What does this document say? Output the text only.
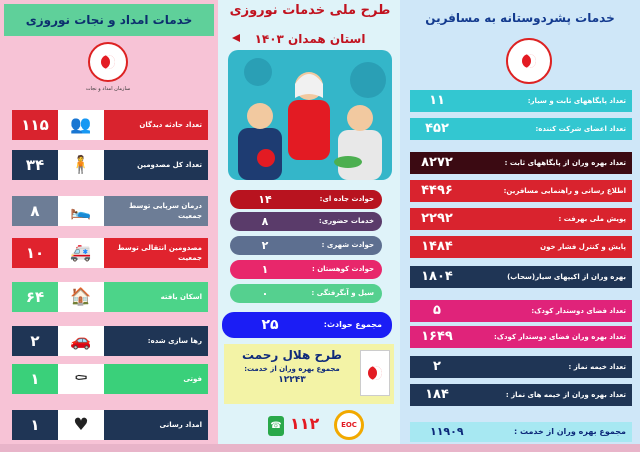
خدمات امداد و نجات نوروزی
سازمان امداد و نجات
۱۱۵	👥	تعداد حادثه دیدگان
۳۴	🧍	تعداد کل مصدومین
۸	🛌	درمان سرپایی توسط جمعیت
۱۰	🚑	مصدومین انتقالی توسط جمعیت
۶۴	🏠	اسکان یافته
۲	🚗	رها سازی شده:
۱	⚰	فوتی
۱	♥	امداد رسانی
طرح ملی خدمات نوروزی
استان همدان ۱۴۰۳
حوادث جاده ای:
۱۴
خدمات حضوری:
۸
حوادث شهری :
۲
حوادث کوهستان :
۱
سیل و آبگرفتگی :
۰
مجموع حوادث:
۲۵
طرح هلال رحمت
مجموع بهره وران از خدمت:
۱۲۲۴۳
☎ ۱۱۲	EOC
خدمات پشردوستانه به مسافرین
۱۱	تعداد پایگاههای ثابت و سیار:
۴۵۲	تعداد اعضای شرکت کننده:
۸۲۷۲	تعداد بهره وران از پایگاههای ثابت :
۴۴۹۶	اطلاع رسانی و راهنمایی مسافرین:
۲۲۹۲	پویش ملی بهرفت :
۱۴۸۴	پایش و کنترل فشار خون
۱۸۰۴	بهره وران از اکیپهای سیار(سحاب)
۵	تعداد فضای دوستدار کودک:
۱۶۴۹	تعداد بهره وران فضای دوستدار کودک:
۲	تعداد خیمه نماز :
۱۸۴	تعداد بهره وران از خیمه های نماز :
مجموع بهره وران از خدمت :
۱۱۹۰۹
